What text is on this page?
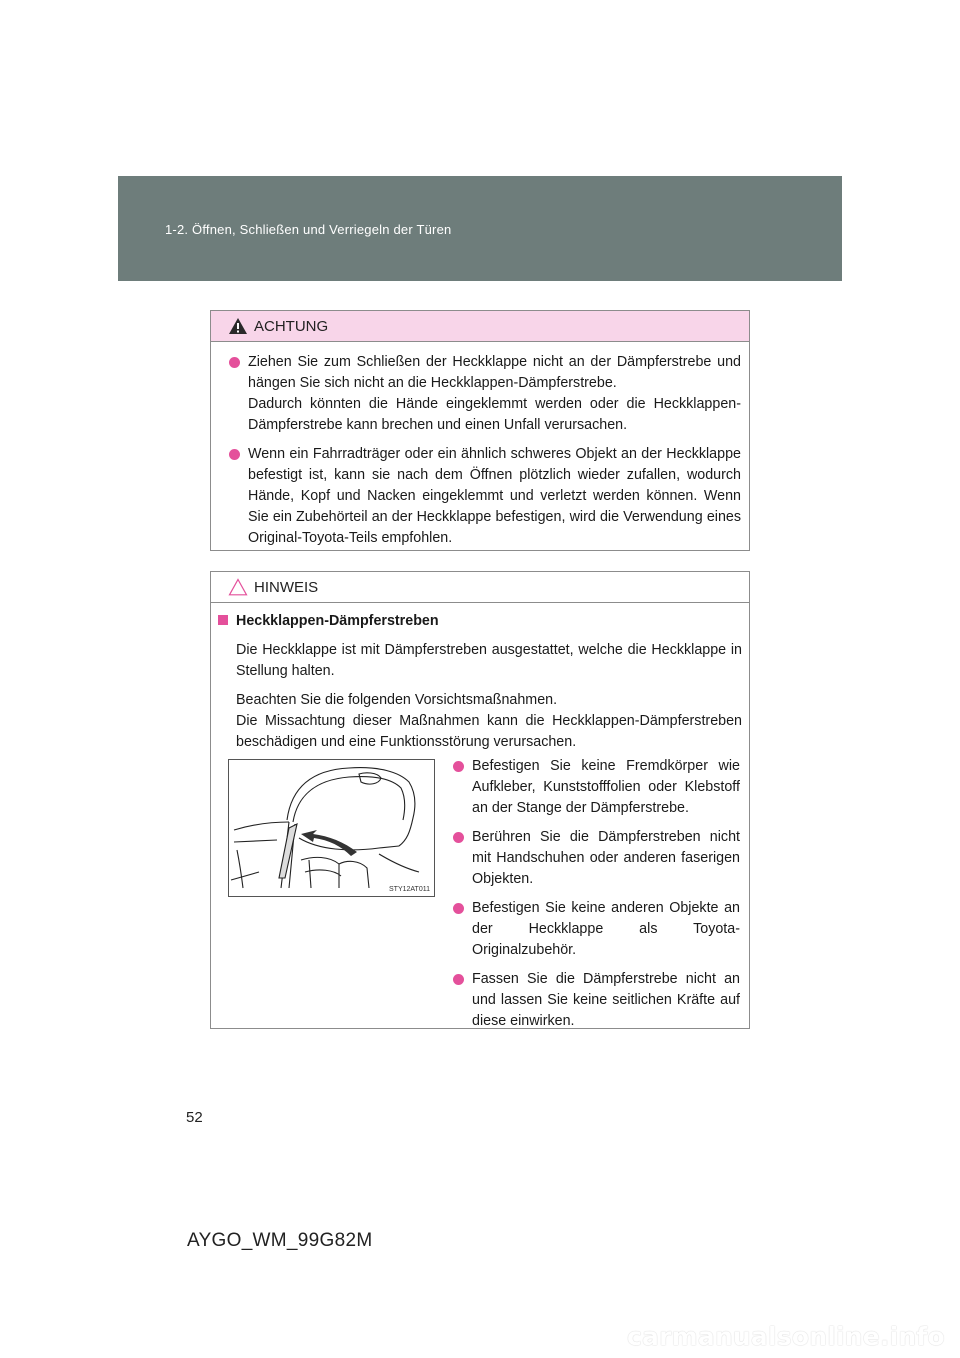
1-2. Öffnen, Schließen und Verriegeln der Türen
ACHTUNG
Ziehen Sie zum Schließen der Heckklappe nicht an der Dämpferstrebe und hängen Sie sich nicht an die Heckklappen-Dämpferstrebe.
Dadurch könnten die Hände eingeklemmt werden oder die Heckklappen-Dämpferstrebe kann brechen und einen Unfall verursachen.
Wenn ein Fahrradträger oder ein ähnlich schweres Objekt an der Heckklappe befestigt ist, kann sie nach dem Öffnen plötzlich wieder zufallen, wodurch Hände, Kopf und Nacken eingeklemmt und verletzt werden können. Wenn Sie ein Zubehörteil an der Heckklappe befestigen, wird die Verwendung eines Original-Toyota-Teils empfohlen.
HINWEIS
Heckklappen-Dämpferstreben
Die Heckklappe ist mit Dämpferstreben ausgestattet, welche die Heckklappe in Stellung halten.
Beachten Sie die folgenden Vorsichtsmaßnahmen.
Die Missachtung dieser Maßnahmen kann die Heckklappen-Dämpferstreben beschädigen und eine Funktionsstörung verursachen.
STY12AT011
Befestigen Sie keine Fremdkörper wie Aufkleber, Kunststofffolien oder Klebstoff an der Stange der Dämpferstrebe.
Berühren Sie die Dämpferstreben nicht mit Handschuhen oder anderen faserigen Objekten.
Befestigen Sie keine anderen Objekte an der Heckklappe als Toyota-Originalzubehör.
Fassen Sie die Dämpferstrebe nicht an und lassen Sie keine seitlichen Kräfte auf diese einwirken.
52
AYGO_WM_99G82M
carmanualsonline.info
